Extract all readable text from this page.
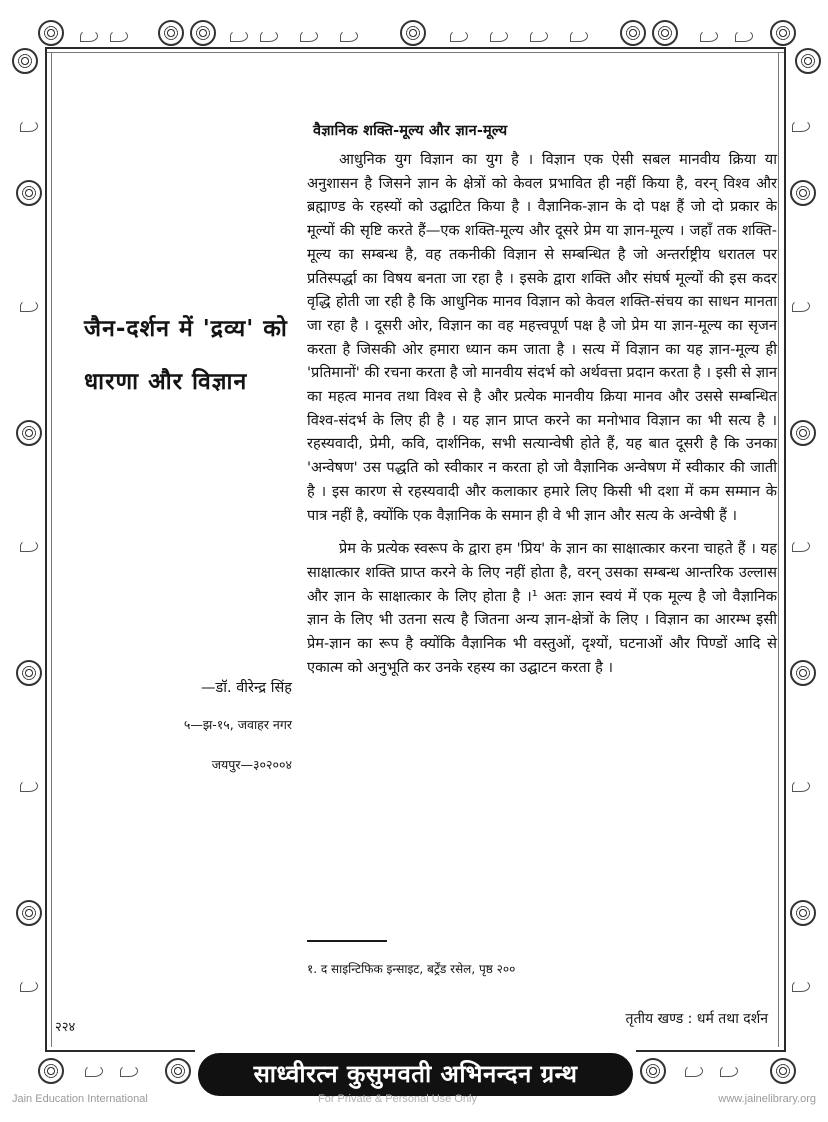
जैन-दर्शन में 'द्रव्य' को धारणा और विज्ञान
—डॉ. वीरेन्द्र सिंह
५—झ-१५, जवाहर नगर
जयपुर—३०२००४
वैज्ञानिक शक्ति-मूल्य और ज्ञान-मूल्य

आधुनिक युग विज्ञान का युग है । विज्ञान एक ऐसी सबल मानवीय क्रिया या अनुशासन है जिसने ज्ञान के क्षेत्रों को केवल प्रभावित ही नहीं किया है, वरन् विश्व और ब्रह्माण्ड के रहस्यों को उद्घाटित किया है । वैज्ञानिक-ज्ञान के दो पक्ष हैं जो दो प्रकार के मूल्यों की सृष्टि करते हैं—एक शक्ति-मूल्य और दूसरे प्रेम या ज्ञान-मूल्य । जहाँ तक शक्ति-मूल्य का सम्बन्ध है, वह तकनीकी विज्ञान से सम्बन्धित है जो अन्तर्राष्ट्रीय धरातल पर प्रतिस्पर्द्धा का विषय बनता जा रहा है । इसके द्वारा शक्ति और संघर्ष मूल्यों की इस कदर वृद्धि होती जा रही है कि आधुनिक मानव विज्ञान को केवल शक्ति-संचय का साधन मानता जा रहा है । दूसरी ओर, विज्ञान का वह महत्त्वपूर्ण पक्ष है जो प्रेम या ज्ञान-मूल्य का सृजन करता है जिसकी ओर हमारा ध्यान कम जाता है । सत्य में विज्ञान का यह ज्ञान-मूल्य ही 'प्रतिमानों' की रचना करता है जो मानवीय संदर्भ को अर्थवत्ता प्रदान करता है । इसी से ज्ञान का महत्व मानव तथा विश्व से है और प्रत्येक मानवीय क्रिया मानव और उससे सम्बन्धित विश्व-संदर्भ के लिए ही है । यह ज्ञान प्राप्त करने का मनोभाव विज्ञान का भी सत्य है । रहस्यवादी, प्रेमी, कवि, दार्शनिक, सभी सत्यान्वेषी होते हैं, यह बात दूसरी है कि उनका 'अन्वेषण' उस पद्धति को स्वीकार न करता हो जो वैज्ञानिक अन्वेषण में स्वीकार की जाती है । इस कारण से रहस्यवादी और कलाकार हमारे लिए किसी भी दशा में कम सम्मान के पात्र नहीं है, क्योंकि एक वैज्ञानिक के समान ही वे भी ज्ञान और सत्य के अन्वेषी हैं ।

प्रेम के प्रत्येक स्वरूप के द्वारा हम 'प्रिय' के ज्ञान का साक्षात्कार करना चाहते हैं । यह साक्षात्कार शक्ति प्राप्त करने के लिए नहीं होता है, वरन् उसका सम्बन्ध आन्तरिक उल्लास और ज्ञान के साक्षात्कार के लिए होता है ।¹ अतः ज्ञान स्वयं में एक मूल्य है जो वैज्ञानिक ज्ञान के लिए भी उतना सत्य है जितना अन्य ज्ञान-क्षेत्रों के लिए । विज्ञान का आरम्भ इसी प्रेम-ज्ञान का रूप है क्योंकि वैज्ञानिक भी वस्तुओं, दृश्यों, घटनाओं और पिण्डों आदि से एकात्म को अनुभूति कर उनके रहस्य का उद्घाटन करता है ।

१. द साइन्टिफिक इन्साइट, बर्ट्रेंड रसेल, पृष्ठ २००
२२४
तृतीय खण्ड : धर्म तथा दर्शन
साध्वीरत्न कुसुमवती अभिनन्दन ग्रन्थ
Jain Education International	For Private & Personal Use Only	www.jainelibrary.org
